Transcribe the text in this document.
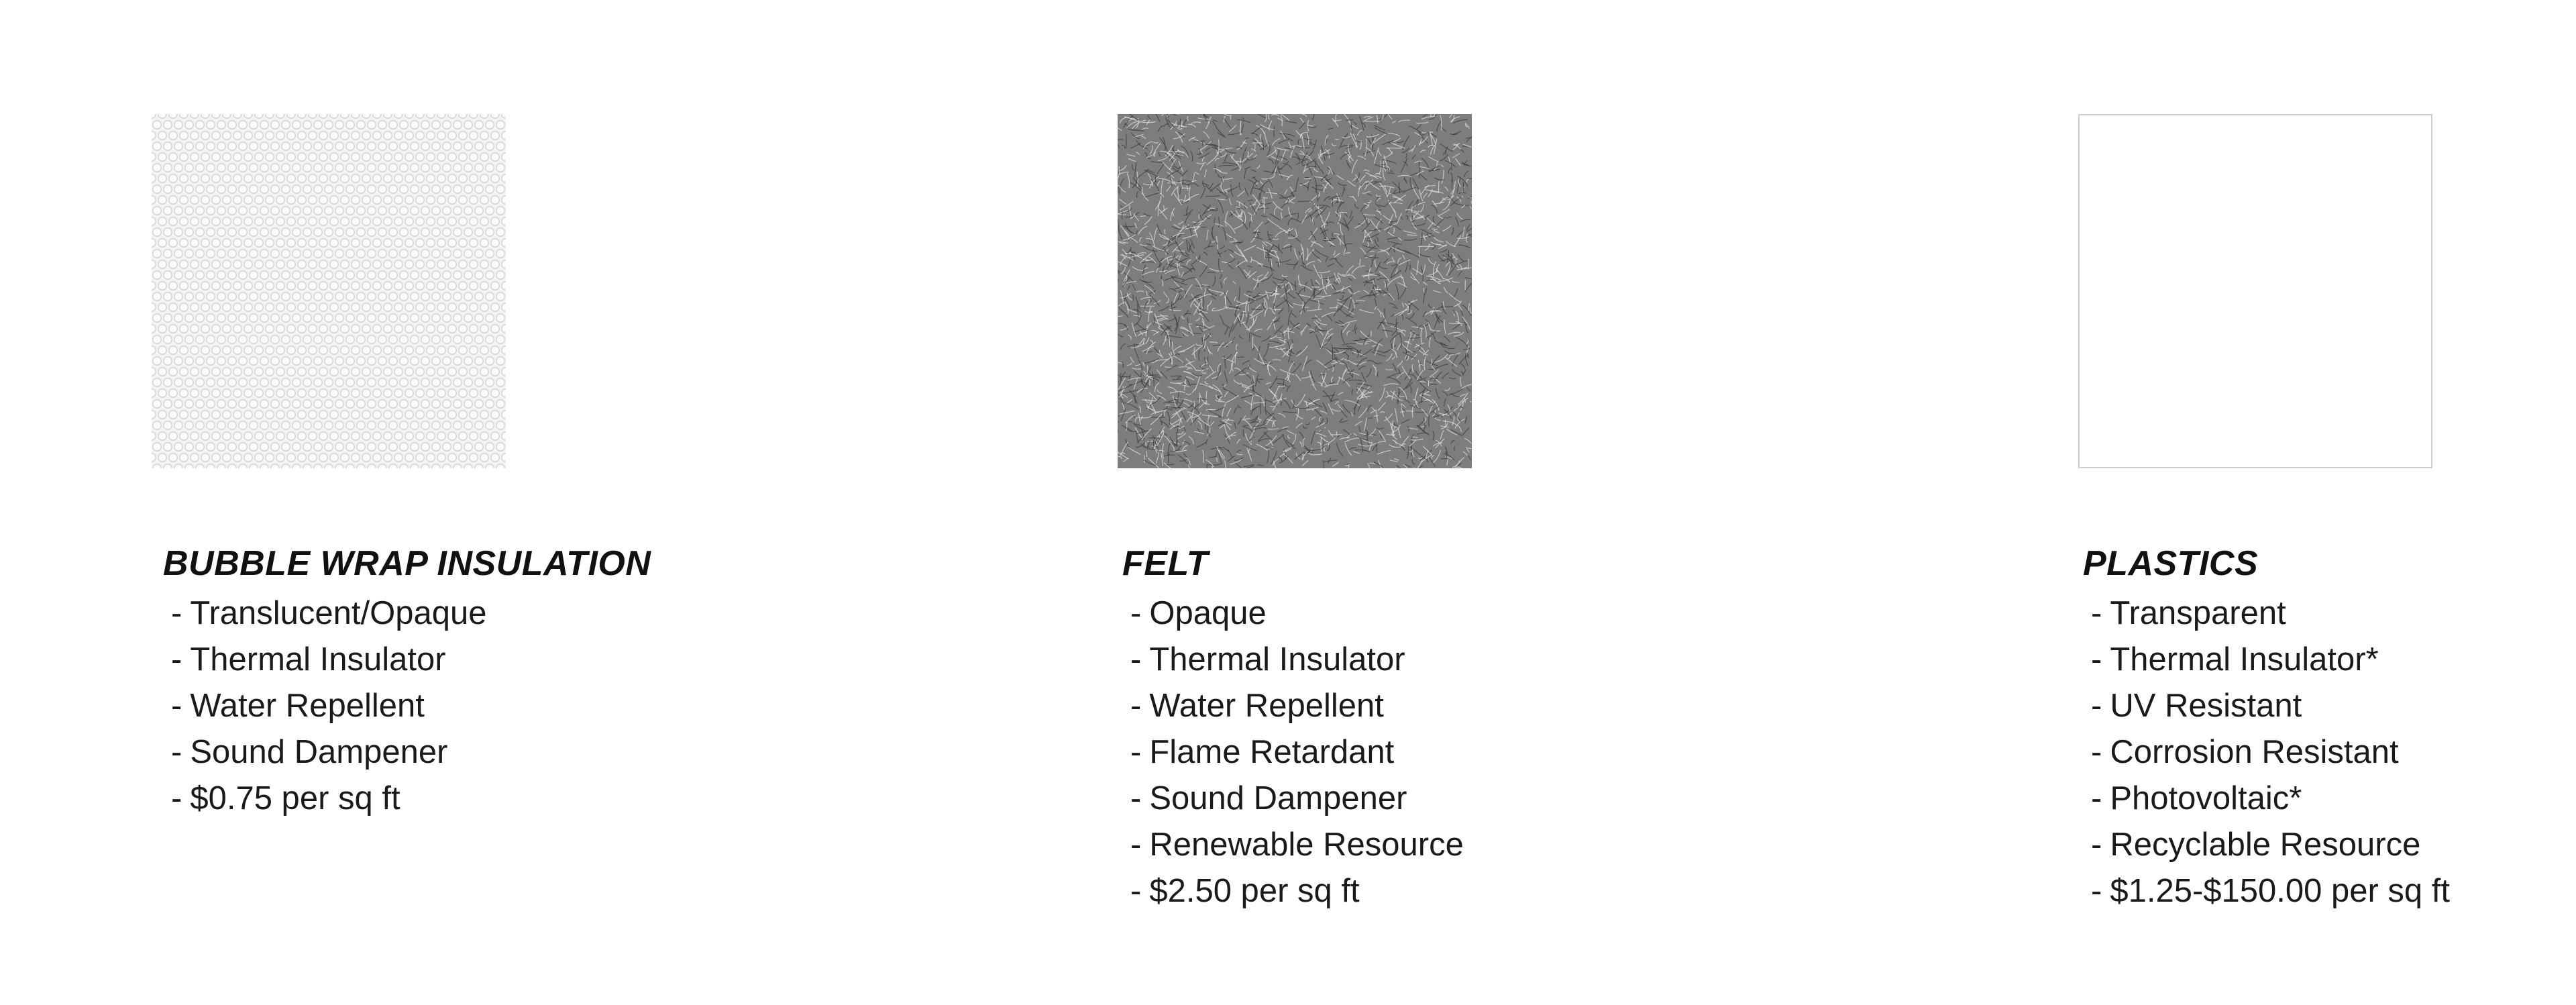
BUBBLE WRAP INSULATION
- Translucent/Opaque
- Thermal Insulator
- Water Repellent
- Sound Dampener
- $0.75 per sq ft
FELT
- Opaque
- Thermal Insulator
- Water Repellent
- Flame Retardant
- Sound Dampener
- Renewable Resource
- $2.50 per sq ft
PLASTICS
- Transparent
- Thermal Insulator*
- UV Resistant
- Corrosion Resistant
- Photovoltaic*
- Recyclable Resource
- $1.25-$150.00 per sq ft
